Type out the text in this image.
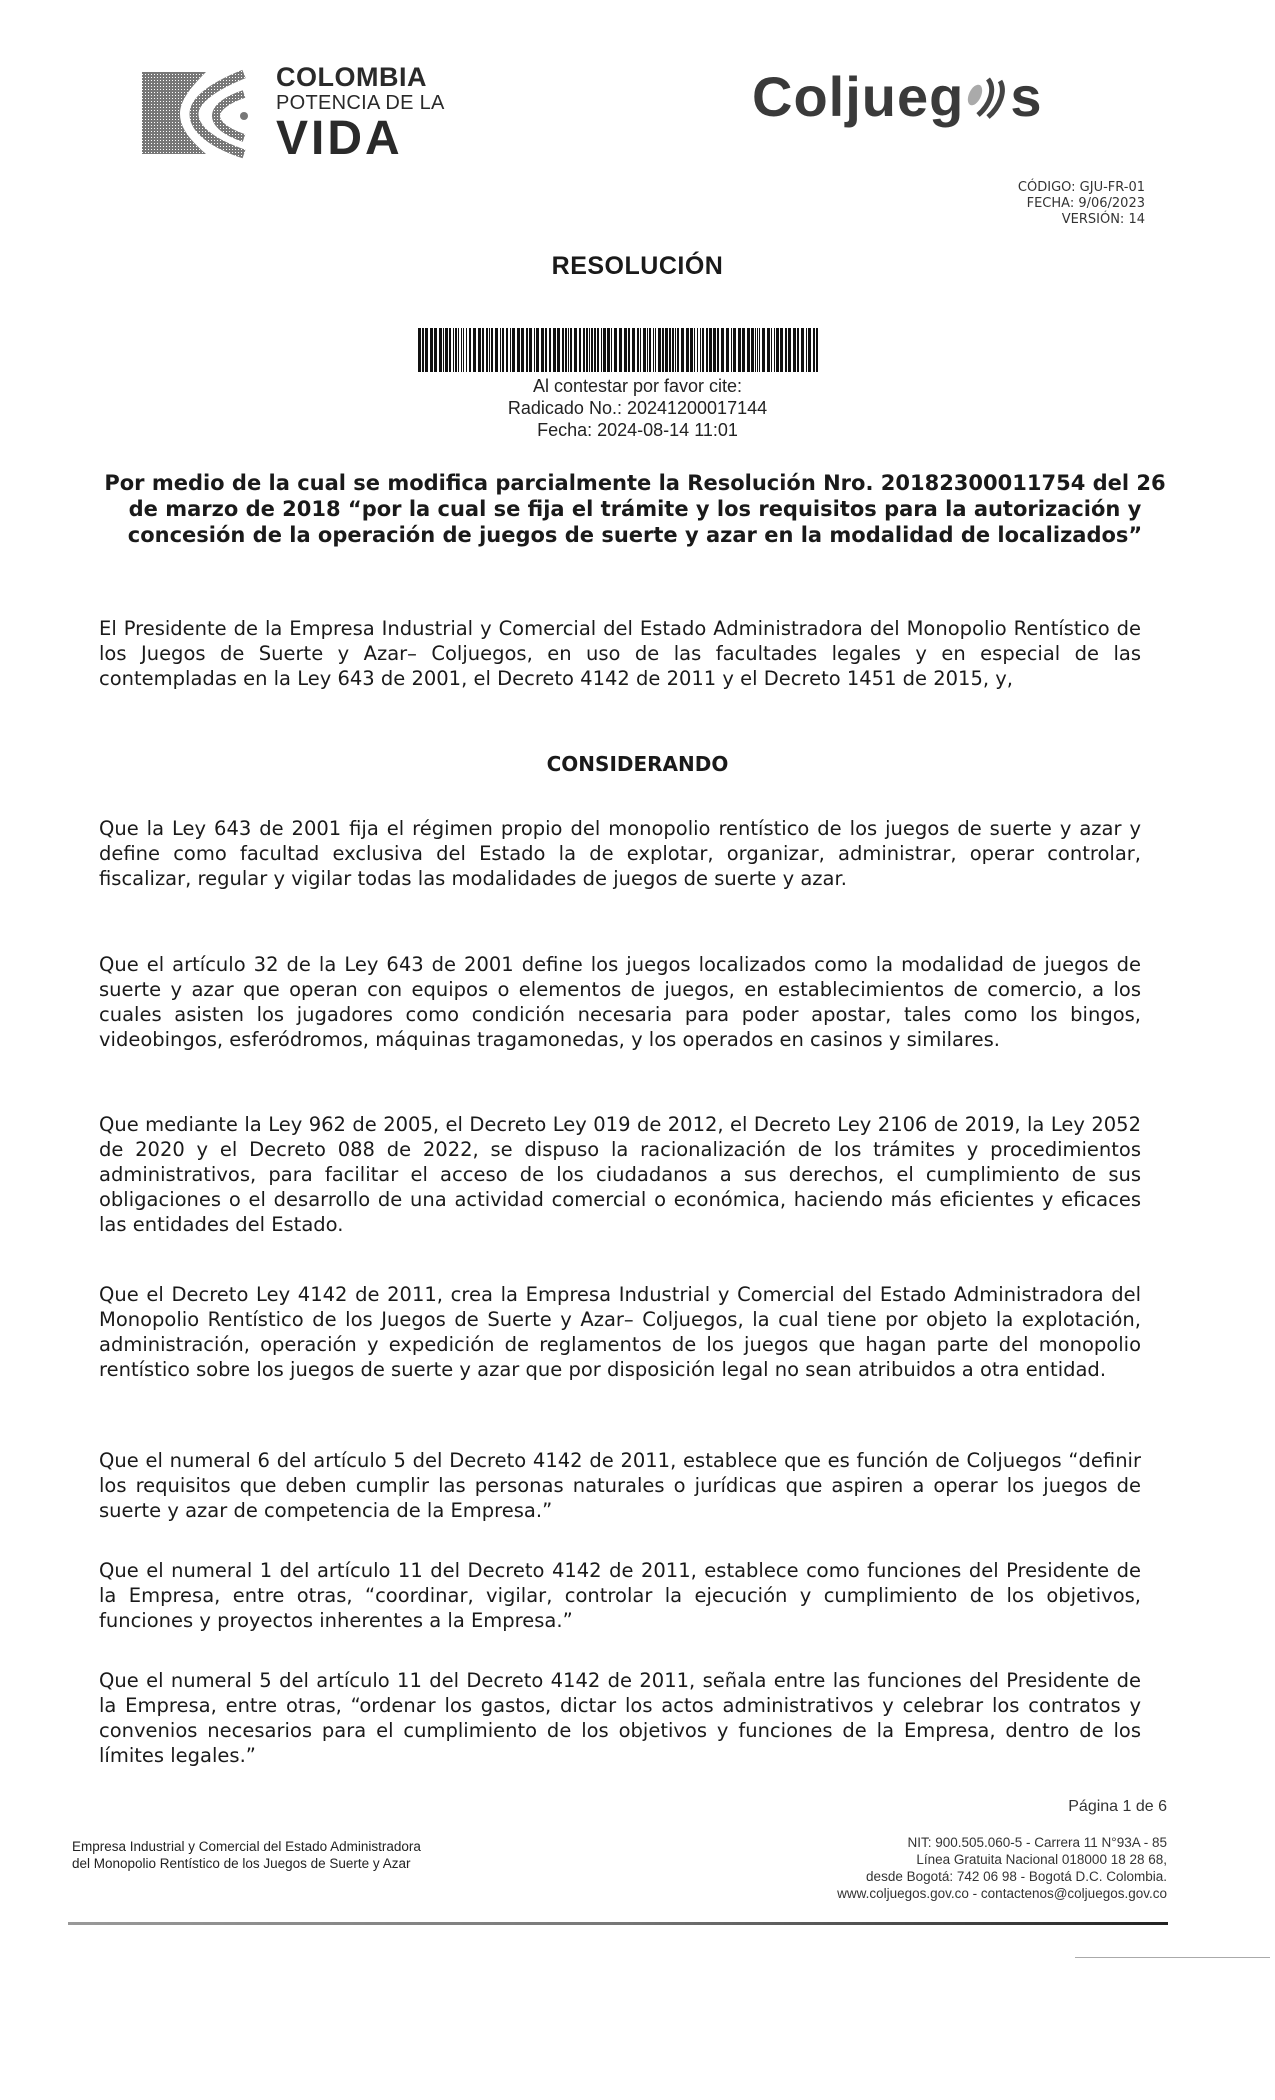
COLOMBIA
POTENCIA DE LA
VIDA
Coljueg s
CÓDIGO: GJU-FR-01
FECHA: 9/06/2023
VERSIÓN: 14
RESOLUCIÓN
Al contestar por favor cite:
Radicado No.: 20241200017144
Fecha: 2024-08-14 11:01
Por medio de la cual se modifica parcialmente la Resolución Nro. 20182300011754 del 26 de marzo de 2018 “por la cual se fija el trámite y los requisitos para la autorización y concesión de la operación de juegos de suerte y azar en la modalidad de localizados”
El Presidente de la Empresa Industrial y Comercial del Estado Administradora del Monopolio Rentístico de los Juegos de Suerte y Azar– Coljuegos, en uso de las facultades legales y en especial de las contempladas en la Ley 643 de 2001, el Decreto 4142 de 2011 y el Decreto 1451 de 2015, y,
CONSIDERANDO
Que la Ley 643 de 2001 fija el régimen propio del monopolio rentístico de los juegos de suerte y azar y define como facultad exclusiva del Estado la de explotar, organizar, administrar, operar controlar, fiscalizar, regular y vigilar todas las modalidades de juegos de suerte y azar.
Que el artículo 32 de la Ley 643 de 2001 define los juegos localizados como la modalidad de juegos de suerte y azar que operan con equipos o elementos de juegos, en establecimientos de comercio, a los cuales asisten los jugadores como condición necesaria para poder apostar, tales como los bingos, videobingos, esferódromos, máquinas tragamonedas, y los operados en casinos y similares.
Que mediante la Ley 962 de 2005, el Decreto Ley 019 de 2012, el Decreto Ley 2106 de 2019, la Ley 2052 de 2020 y el Decreto 088 de 2022, se dispuso la racionalización de los trámites y procedimientos administrativos, para facilitar el acceso de los ciudadanos a sus derechos, el cumplimiento de sus obligaciones o el desarrollo de una actividad comercial o económica, haciendo más eficientes y eficaces las entidades del Estado.
Que el Decreto Ley 4142 de 2011, crea la Empresa Industrial y Comercial del Estado Administradora del Monopolio Rentístico de los Juegos de Suerte y Azar– Coljuegos, la cual tiene por objeto la explotación, administración, operación y expedición de reglamentos de los juegos que hagan parte del monopolio rentístico sobre los juegos de suerte y azar que por disposición legal no sean atribuidos a otra entidad.
Que el numeral 6 del artículo 5 del Decreto 4142 de 2011, establece que es función de Coljuegos “definir los requisitos que deben cumplir las personas naturales o jurídicas que aspiren a operar los juegos de suerte y azar de competencia de la Empresa.”
Que el numeral 1 del artículo 11 del Decreto 4142 de 2011, establece como funciones del Presidente de la Empresa, entre otras, “coordinar, vigilar, controlar la ejecución y cumplimiento de los objetivos, funciones y proyectos inherentes a la Empresa.”
Que el numeral 5 del artículo 11 del Decreto 4142 de 2011, señala entre las funciones del Presidente de la Empresa, entre otras, “ordenar los gastos, dictar los actos administrativos y celebrar los contratos y convenios necesarios para el cumplimiento de los objetivos y funciones de la Empresa, dentro de los límites legales.”
Página 1 de 6
Empresa Industrial y Comercial del Estado Administradora
del Monopolio Rentístico de los Juegos de Suerte y Azar
NIT: 900.505.060-5 - Carrera 11 N°93A - 85
Línea Gratuita Nacional 018000 18 28 68,
desde Bogotá: 742 06 98 - Bogotá D.C. Colombia.
www.coljuegos.gov.co - contactenos@coljuegos.gov.co
